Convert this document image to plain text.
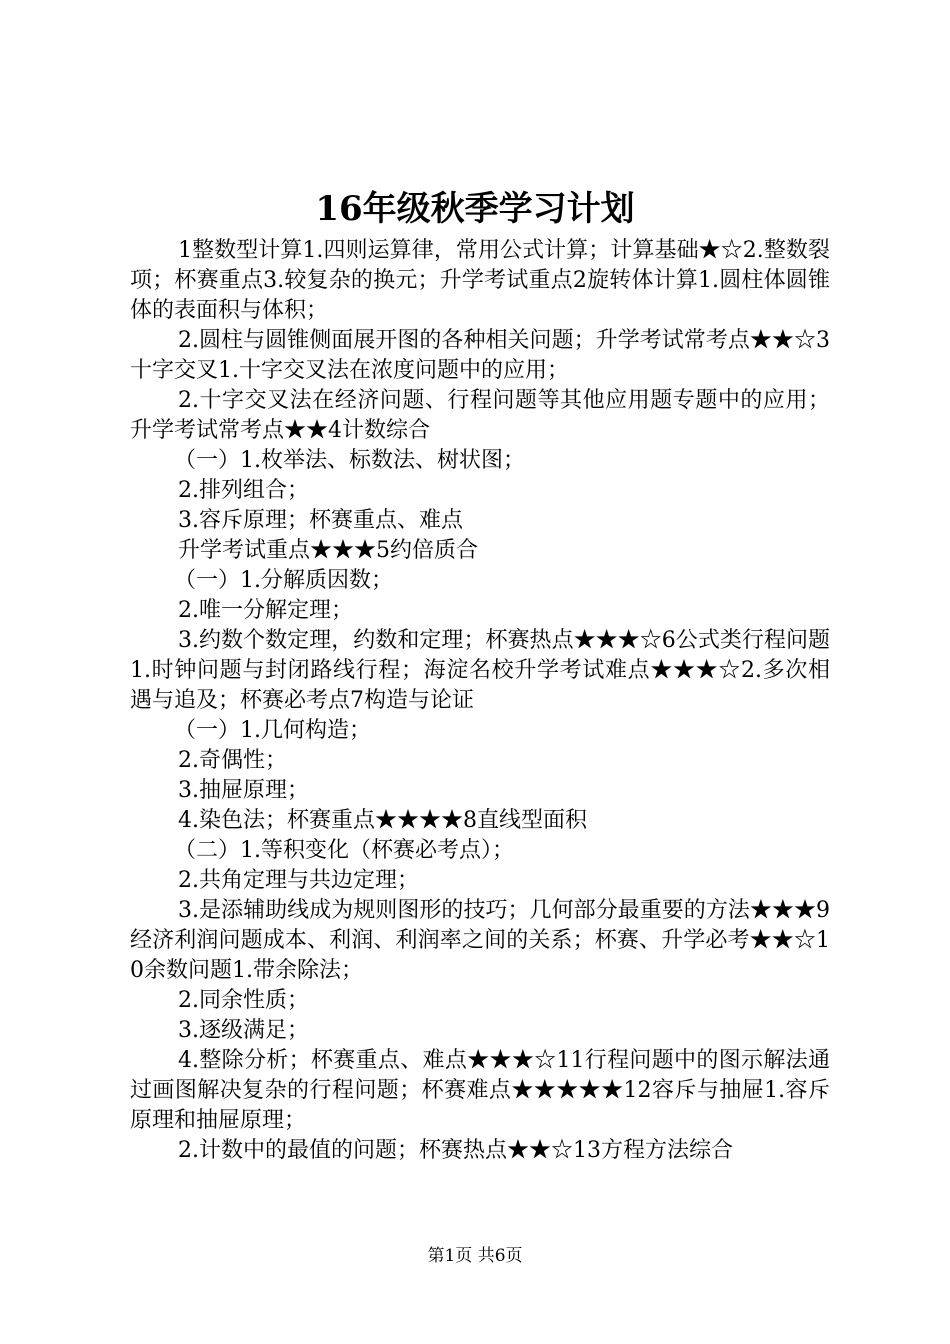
16年级秋季学习计划

1整数型计算1.四则运算律，常用公式计算；计算基础★☆2.整数裂项；杯赛重点3.较复杂的换元；升学考试重点2旋转体计算1.圆柱体圆锥体的表面积与体积；

2.圆柱与圆锥侧面展开图的各种相关问题；升学考试常考点★★☆3十字交叉1.十字交叉法在浓度问题中的应用；

2.十字交叉法在经济问题、行程问题等其他应用题专题中的应用；升学考试常考点★★4计数综合

（一）1.枚举法、标数法、树状图；

2.排列组合；

3.容斥原理；杯赛重点、难点

升学考试重点★★★5约倍质合

（一）1.分解质因数；

2.唯一分解定理；

3.约数个数定理，约数和定理；杯赛热点★★★☆6公式类行程问题1.时钟问题与封闭路线行程；海淀名校升学考试难点★★★☆2.多次相遇与追及；杯赛必考点7构造与论证

（一）1.几何构造；

2.奇偶性；

3.抽屉原理；

4.染色法；杯赛重点★★★★8直线型面积

（二）1.等积变化（杯赛必考点）；

2.共角定理与共边定理；

3.是添辅助线成为规则图形的技巧；几何部分最重要的方法★★★9经济利润问题成本、利润、利润率之间的关系；杯赛、升学必考★★☆10余数问题1.带余除法；

2.同余性质；

3.逐级满足；

4.整除分析；杯赛重点、难点★★★☆11行程问题中的图示解法通过画图解决复杂的行程问题；杯赛难点★★★★★12容斥与抽屉1.容斥原理和抽屉原理；

2.计数中的最值的问题；杯赛热点★★☆13方程方法综合

第1页 共6页
